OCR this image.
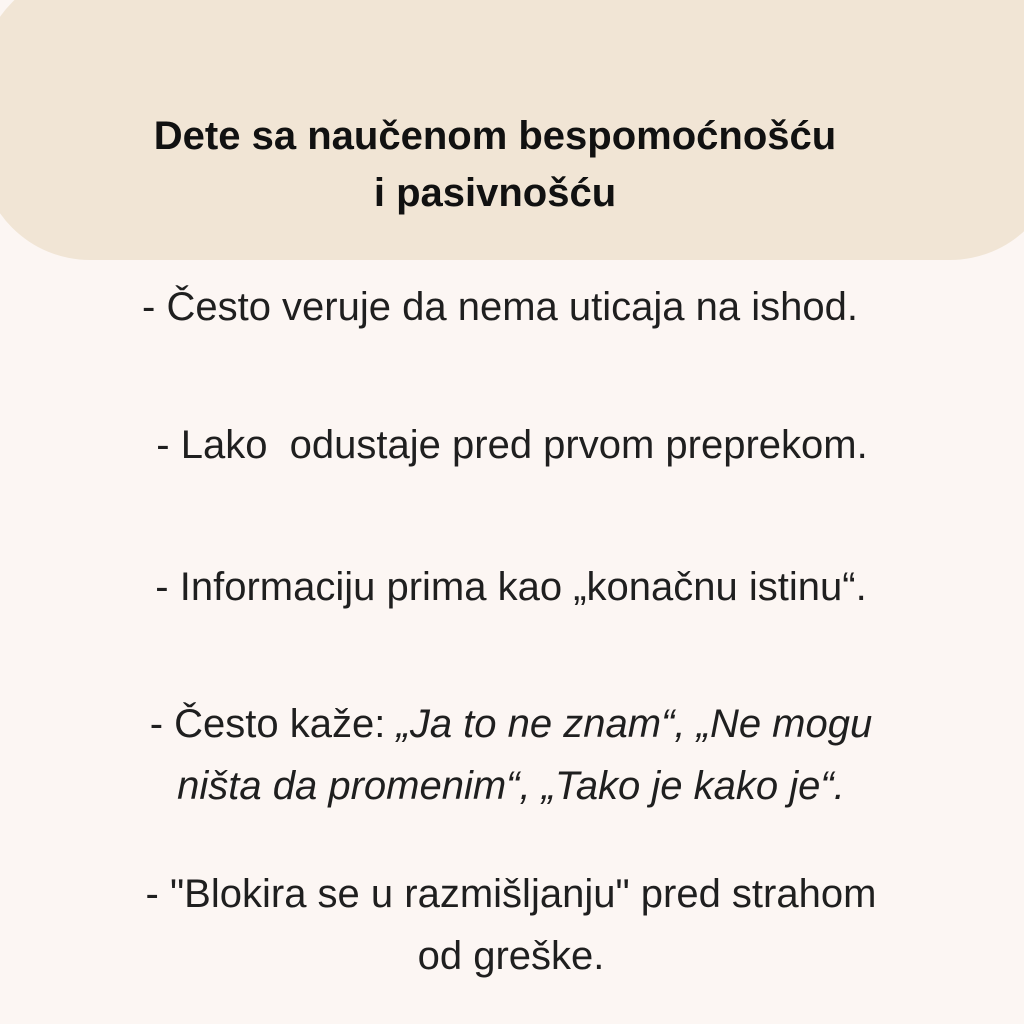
Dete sa naučenom bespomoćnošću
i pasivnošću

- Često veruje da nema uticaja na ishod.

- Lako  odustaje pred prvom preprekom.

- Informaciju prima kao „konačnu istinu“.

- Često kaže: „Ja to ne znam“, „Ne mogu
ništa da promenim“, „Tako je kako je“.

- "Blokira se u razmišljanju" pred strahom
od greške.
